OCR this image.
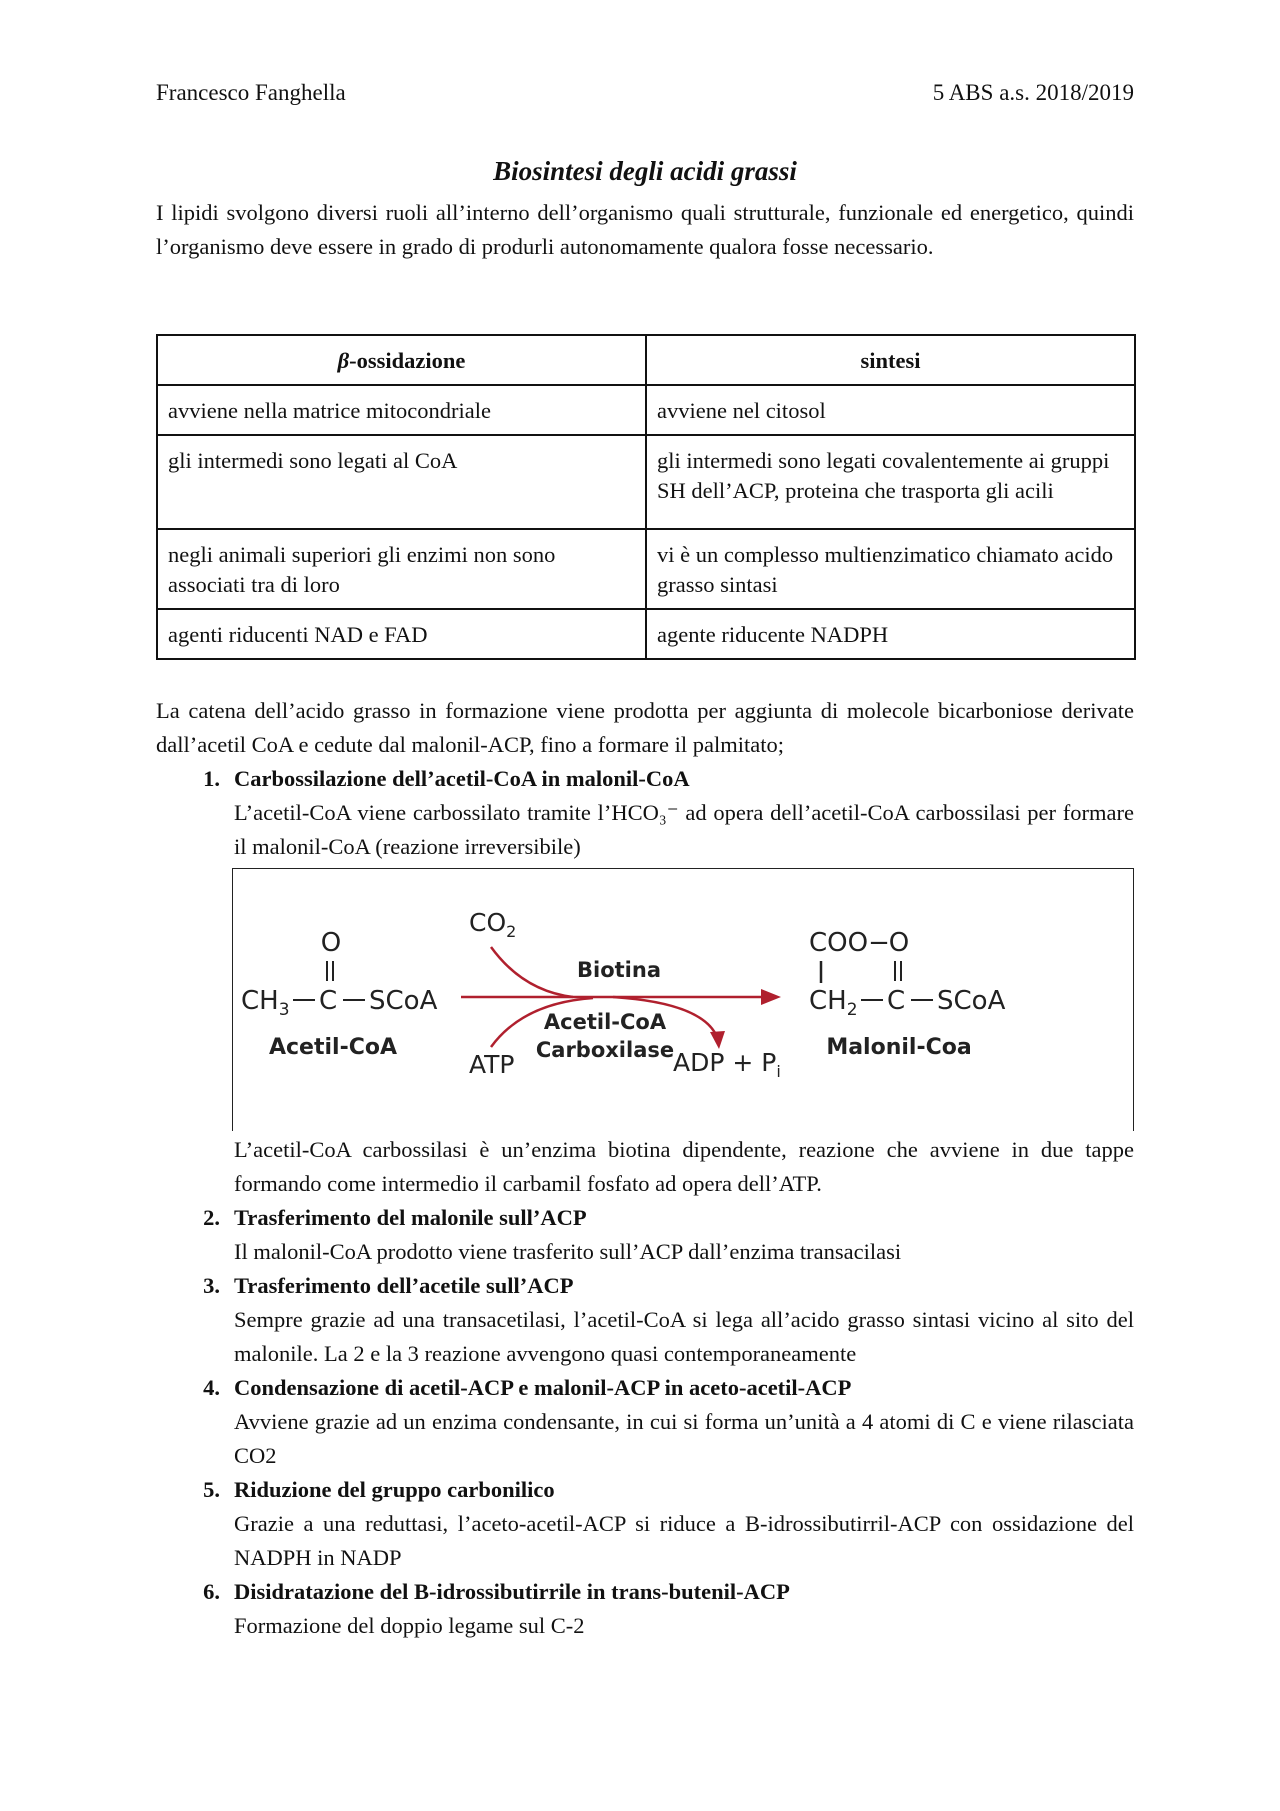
Francesco Fanghella	5 ABS a.s. 2018/2019
Biosintesi degli acidi grassi

I lipidi svolgono diversi ruoli all’interno dell’organismo quali strutturale, funzionale ed energetico, quindi l’organismo deve essere in grado di produrli autonomamente qualora fosse necessario.

β-ossidazione	sintesi
avviene nella matrice mitocondriale	avviene nel citosol
gli intermedi sono legati al CoA	gli intermedi sono legati covalentemente ai gruppi SH dell’ACP, proteina che trasporta gli acili
negli animali superiori gli enzimi non sono associati tra di loro	vi è un complesso multienzimatico chiamato acido grasso sintasi
agenti riducenti NAD e FAD	agente riducente NADPH

La catena dell’acido grasso in formazione viene prodotta per aggiunta di molecole bicarboniose derivate dall’acetil CoA e cedute dal malonil-ACP, fino a formare il palmitato;

1. Carbossilazione dell’acetil-CoA in malonil-CoA
L’acetil-CoA viene carbossilato tramite l’HCO₃⁻ ad opera dell’acetil-CoA carbossilasi per formare il malonil-CoA (reazione irreversibile)
O
$CH_3$ C SCoA
Acetil-CoA
$CO_2$
ATP
Biotina
Acetil-CoA
Carboxilase
ADP + $P_i$
COO−
O
$CH_2$ C SCoA
Malonil-Coa
L’acetil-CoA carbossilasi è un’enzima biotina dipendente, reazione che avviene in due tappe formando come intermedio il carbamil fosfato ad opera dell’ATP.
2. Trasferimento del malonile sull’ACP
Il malonil-CoA prodotto viene trasferito sull’ACP dall’enzima transacilasi
3. Trasferimento dell’acetile sull’ACP
Sempre grazie ad una transacetilasi, l’acetil-CoA si lega all’acido grasso sintasi vicino al sito del malonile. La 2 e la 3 reazione avvengono quasi contemporaneamente
4. Condensazione di acetil-ACP e malonil-ACP in aceto-acetil-ACP
Avviene grazie ad un enzima condensante, in cui si forma un’unità a 4 atomi di C e viene rilasciata CO2
5. Riduzione del gruppo carbonilico
Grazie a una reduttasi, l’aceto-acetil-ACP si riduce a B-idrossibutirril-ACP con ossidazione del NADPH in NADP
6. Disidratazione del B-idrossibutirrile in trans-butenil-ACP
Formazione del doppio legame sul C-2
